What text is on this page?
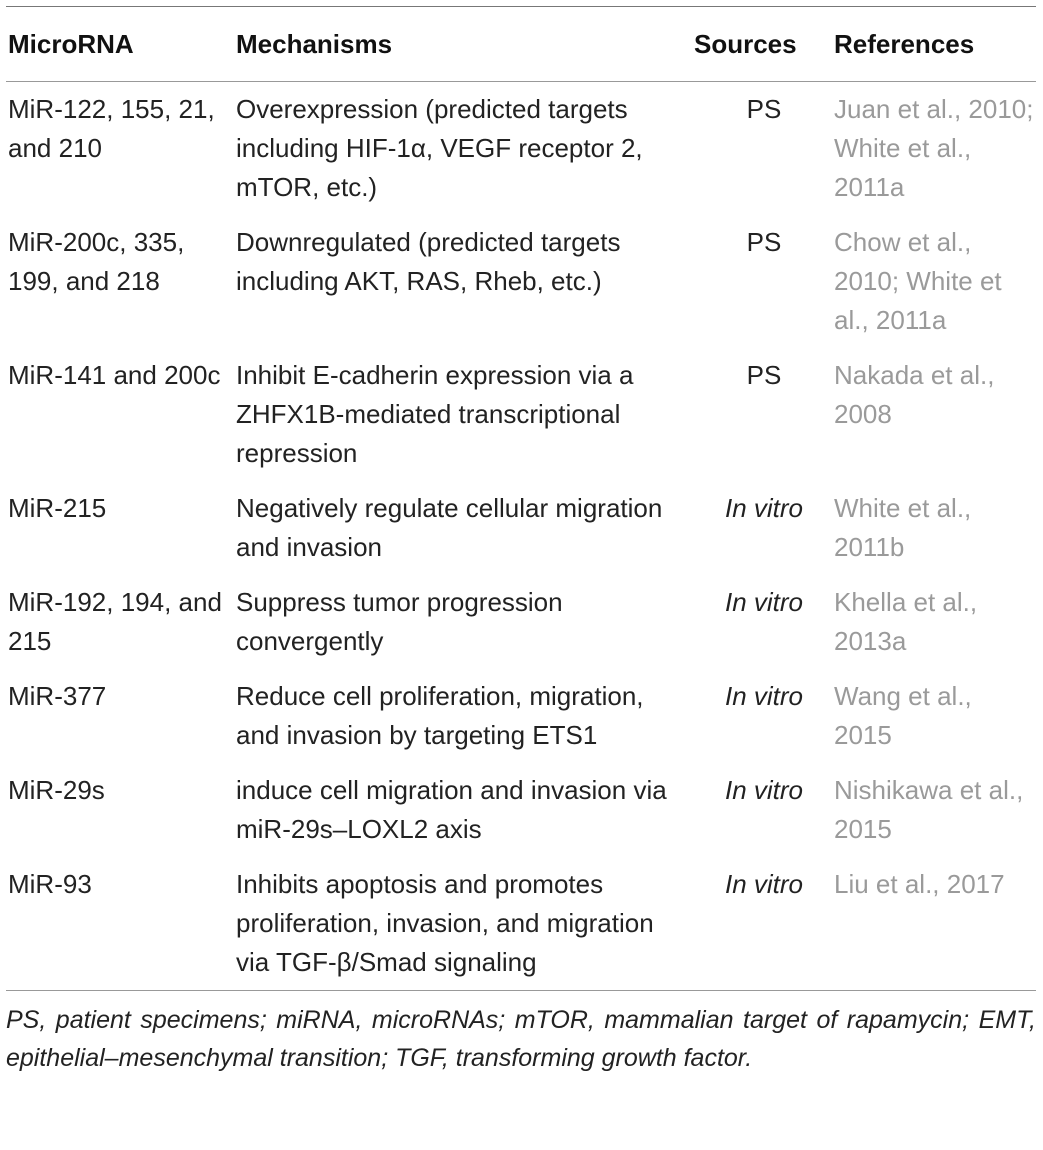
MicroRNA	Mechanisms	Sources	References

MiR-122, 155, 21, and 210	Overexpression (predicted targets including HIF-1α, VEGF receptor 2, mTOR, etc.)	PS	Juan et al., 2010; White et al., 2011a
MiR-200c, 335, 199, and 218	Downregulated (predicted targets including AKT, RAS, Rheb, etc.)	PS	Chow et al., 2010; White et al., 2011a
MiR-141 and 200c	Inhibit E-cadherin expression via a ZHFX1B-mediated transcriptional repression	PS	Nakada et al., 2008
MiR-215	Negatively regulate cellular migration and invasion	In vitro	White et al., 2011b
MiR-192, 194, and 215	Suppress tumor progression convergently	In vitro	Khella et al., 2013a
MiR-377	Reduce cell proliferation, migration, and invasion by targeting ETS1	In vitro	Wang et al., 2015
MiR-29s	induce cell migration and invasion via miR-29s–LOXL2 axis	In vitro	Nishikawa et al., 2015
MiR-93	Inhibits apoptosis and promotes proliferation, invasion, and migration via TGF-β/Smad signaling	In vitro	Liu et al., 2017
PS, patient specimens; miRNA, microRNAs; mTOR, mammalian target of rapamycin; EMT, epithelial–mesenchymal transition; TGF, transforming growth factor.
